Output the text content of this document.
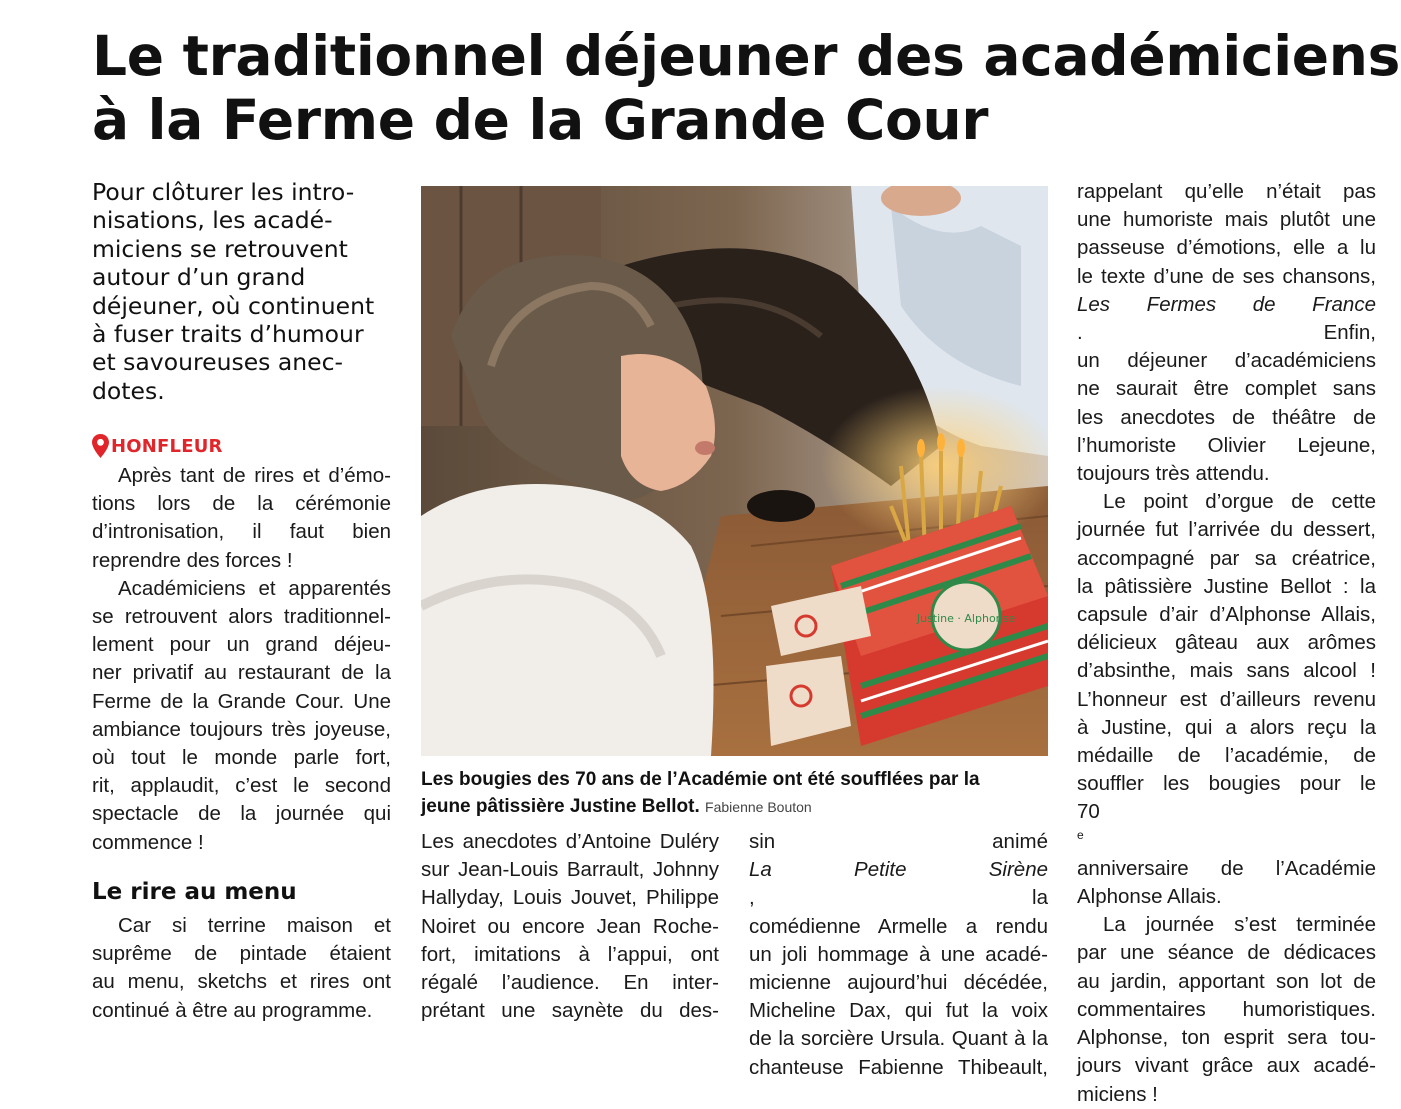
Le traditionnel déjeuner des académiciens
à la Ferme de la Grande Cour
Pour clôturer les intro-
nisations, les acadé-
miciens se retrouvent
autour d’un grand
déjeuner, où continuent
à fuser traits d’humour
et savoureuses anec-
dotes.
HONFLEUR
Après tant de rires et d’émo-
tions lors de la cérémonie
d’intronisation, il faut bien
reprendre des forces !
Académiciens et apparentés
se retrouvent alors traditionnel-
lement pour un grand déjeu-
ner privatif au restaurant de la
Ferme de la Grande Cour. Une
ambiance toujours très joyeuse,
où tout le monde parle fort,
rit, applaudit, c’est le second
spectacle de la journée qui
commence !
Le rire au menu
Car si terrine maison et
suprême de pintade étaient
au menu, sketchs et rires ont
continué à être au programme.
Justine · Alphonse
Les bougies des 70 ans de l’Académie ont été soufflées par la
jeune pâtissière Justine Bellot. Fabienne Bouton
Les anecdotes d’Antoine Duléry
sur Jean-Louis Barrault, Johnny
Hallyday, Louis Jouvet, Philippe
Noiret ou encore Jean Roche-
fort, imitations à l’appui, ont
régalé l’audience. En inter-
prétant une saynète du des-
sin animé
La Petite Sirène
, la
comédienne Armelle a rendu
un joli hommage à une acadé-
micienne aujourd’hui décédée,
Micheline Dax, qui fut la voix
de la sorcière Ursula. Quant à la
chanteuse Fabienne Thibeault,
rappelant qu’elle n’était pas
une humoriste mais plutôt une
passeuse d’émotions, elle a lu
le texte d’une de ses chansons,
Les Fermes de France
. Enfin,
un déjeuner d’académiciens
ne saurait être complet sans
les anecdotes de théâtre de
l’humoriste Olivier Lejeune,
toujours très attendu.
Le point d’orgue de cette
journée fut l’arrivée du dessert,
accompagné par sa créatrice,
la pâtissière Justine Bellot : la
capsule d’air d’Alphonse Allais,
délicieux gâteau aux arômes
d’absinthe, mais sans alcool !
L’honneur est d’ailleurs revenu
à Justine, qui a alors reçu la
médaille de l’académie, de
souffler les bougies pour le
70
$^e$
anniversaire de l’Académie
Alphonse Allais.
La journée s’est terminée
par une séance de dédicaces
au jardin, apportant son lot de
commentaires humoristiques.
Alphonse, ton esprit sera tou-
jours vivant grâce aux acadé-
miciens !
